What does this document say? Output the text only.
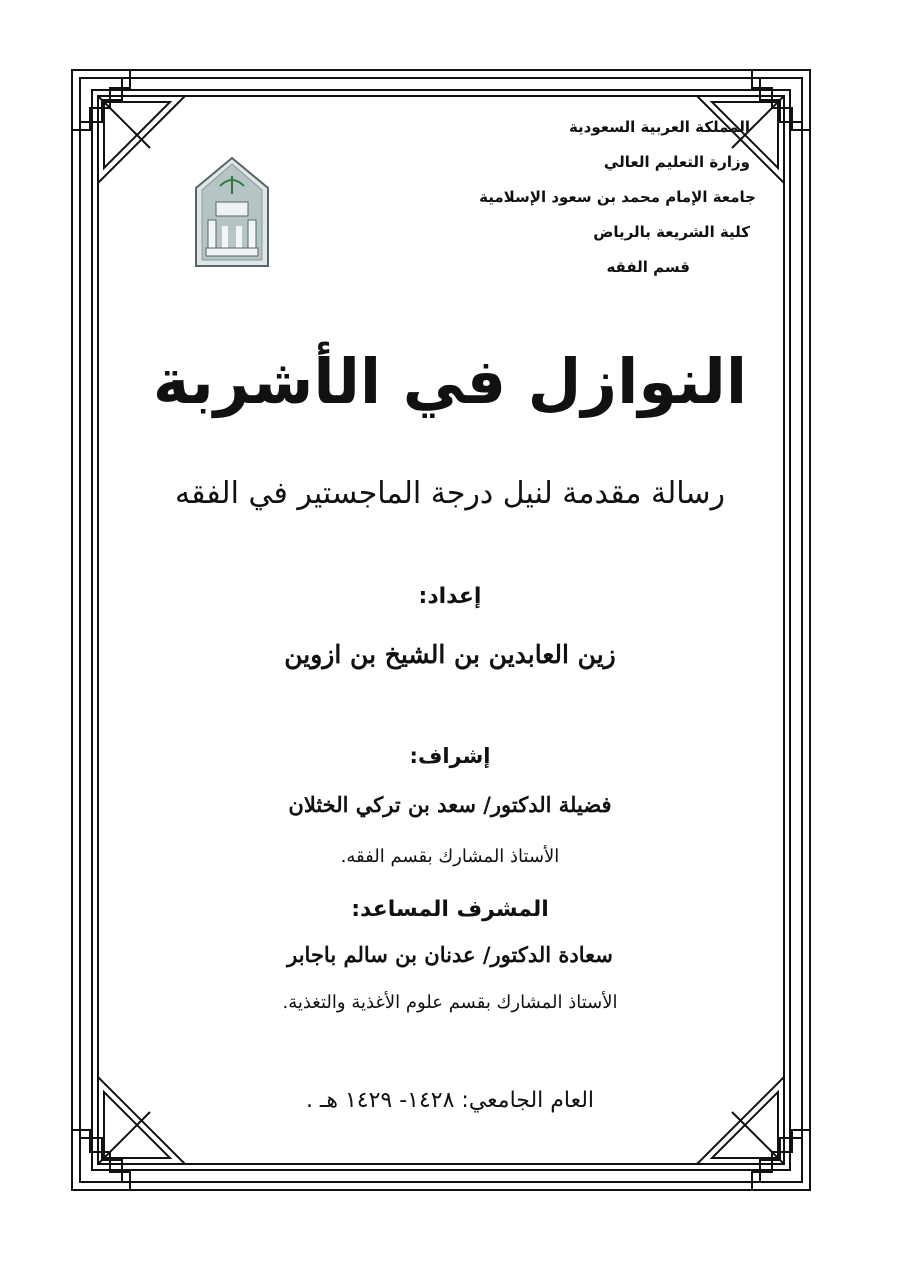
المملكة العربية السعودية
وزارة التعليم العالي
جامعة الإمام محمد بن سعود الإسلامية
كلية الشريعة بالرياض
قسم الفقه
النوازل في الأشربة
رسالة مقدمة لنيل درجة الماجستير في الفقه
إعداد:
زين العابدين بن الشيخ بن ازوين
إشراف:
فضيلة الدكتور/ سعد بن تركي الخثلان
الأستاذ المشارك بقسم الفقه.
المشرف المساعد:
سعادة الدكتور/ عدنان بن سالم باجابر
الأستاذ المشارك بقسم علوم الأغذية والتغذية.
العام الجامعي: ١٤٢٨- ١٤٢٩ هـ .
